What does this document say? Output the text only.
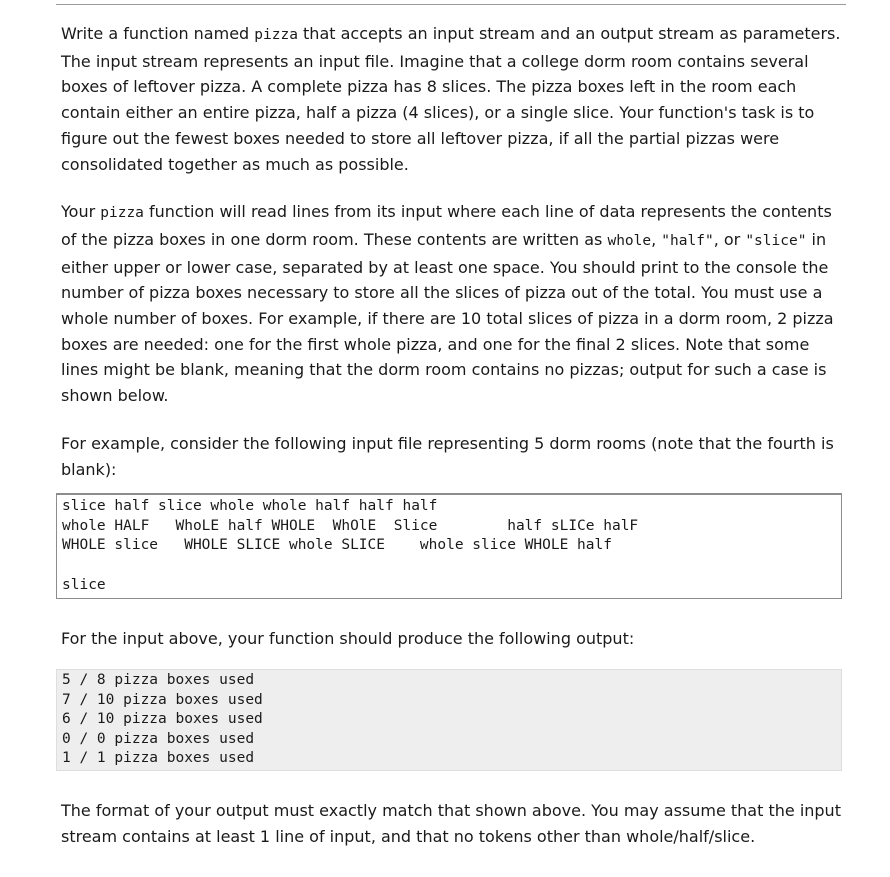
Write a function named pizza that accepts an input stream and an output stream as parameters. The input stream represents an input file. Imagine that a college dorm room contains several boxes of leftover pizza. A complete pizza has 8 slices. The pizza boxes left in the room each contain either an entire pizza, half a pizza (4 slices), or a single slice. Your function's task is to figure out the fewest boxes needed to store all leftover pizza, if all the partial pizzas were consolidated together as much as possible.

Your pizza function will read lines from its input where each line of data represents the contents of the pizza boxes in one dorm room. These contents are written as whole, "half", or "slice" in either upper or lower case, separated by at least one space. You should print to the console the number of pizza boxes necessary to store all the slices of pizza out of the total. You must use a whole number of boxes. For example, if there are 10 total slices of pizza in a dorm room, 2 pizza boxes are needed: one for the first whole pizza, and one for the final 2 slices. Note that some lines might be blank, meaning that the dorm room contains no pizzas; output for such a case is shown below.

For example, consider the following input file representing 5 dorm rooms (note that the fourth is blank):

slice half slice whole whole half half half
whole HALF   WhoLE half WHOLE  WhOlE  Slice        half sLICe halF
WHOLE slice   WHOLE SLICE whole SLICE    whole slice WHOLE half

slice

For the input above, your function should produce the following output:

5 / 8 pizza boxes used
7 / 10 pizza boxes used
6 / 10 pizza boxes used
0 / 0 pizza boxes used
1 / 1 pizza boxes used

The format of your output must exactly match that shown above. You may assume that the input stream contains at least 1 line of input, and that no tokens other than whole/half/slice.
